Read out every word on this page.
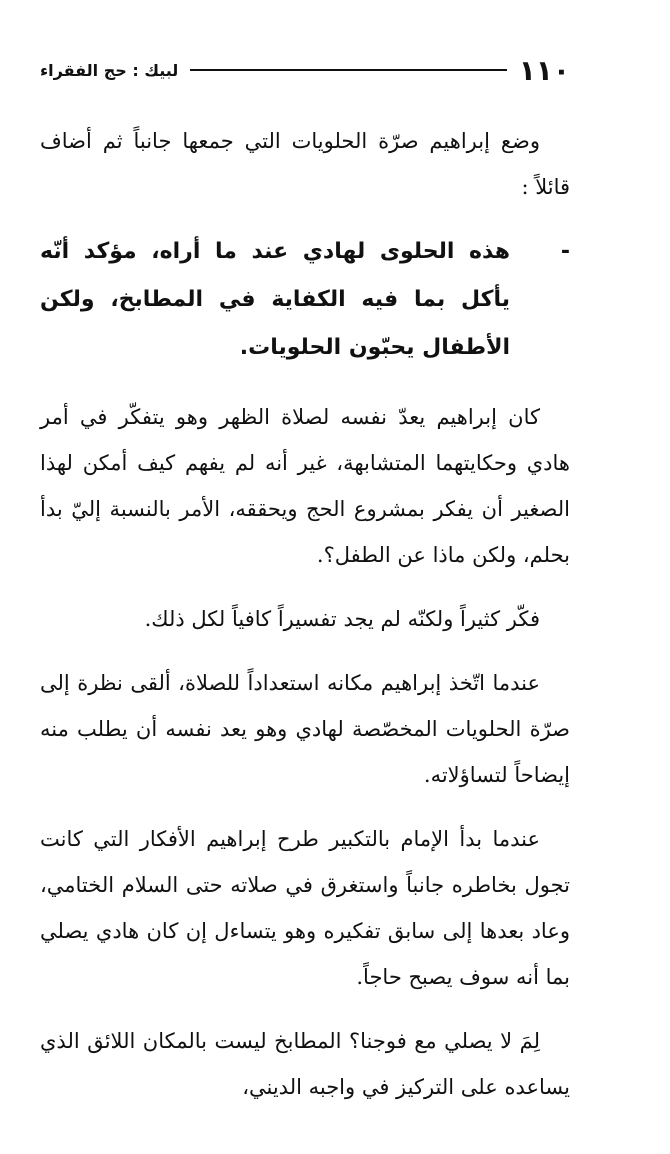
١١٠
لبيك : حج الفقراء

وضع إبراهيم صرّة الحلويات التي جمعها جانباً ثم أضاف قائلاً :

-
هذه الحلوى لهادي عند ما أراه، مؤكد أنّه يأكل بما فيه الكفاية في المطابخ، ولكن الأطفال يحبّون الحلويات.

كان إبراهيم يعدّ نفسه لصلاة الظهر وهو يتفكّر في أمر هادي وحكايتهما المتشابهة، غير أنه لم يفهم كيف أمكن لهذا الصغير أن يفكر بمشروع الحج ويحققه، الأمر بالنسبة إليّ بدأ بحلم، ولكن ماذا عن الطفل؟.

فكّر كثيراً ولكنّه لم يجد تفسيراً كافياً لكل ذلك.

عندما اتّخذ إبراهيم مكانه استعداداً للصلاة، ألقى نظرة إلى صرّة الحلويات المخصّصة لهادي وهو يعد نفسه أن يطلب منه إيضاحاً لتساؤلاته.

عندما بدأ الإمام بالتكبير طرح إبراهيم الأفكار التي كانت تجول بخاطره جانباً واستغرق في صلاته حتى السلام الختامي، وعاد بعدها إلى سابق تفكيره وهو يتساءل إن كان هادي يصلي بما أنه سوف يصبح حاجاً.

لِمَ لا يصلي مع فوجنا؟ المطابخ ليست بالمكان اللائق الذي يساعده على التركيز في واجبه الديني،
